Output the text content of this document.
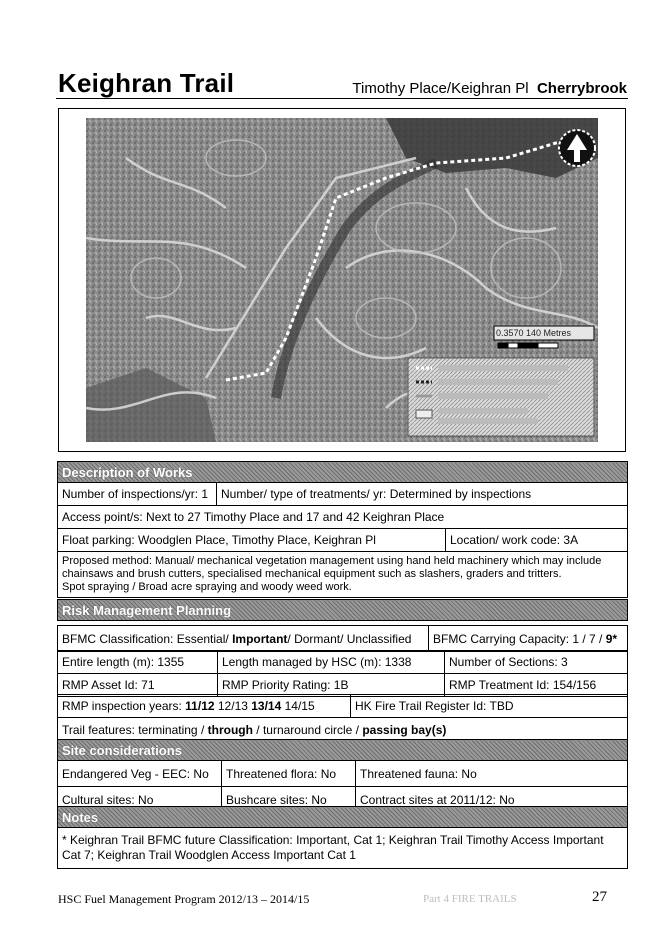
Keighran Trail	Timothy Place/Keighran Pl Cherrybrook
0.3570 140 Metres
Description of Works
Number of inspections/yr: 1	Number/ type of treatments/ yr: Determined by inspections
Access point/s: Next to 27 Timothy Place and 17 and 42 Keighran Place
Float parking: Woodglen Place, Timothy Place, Keighran Pl	Location/ work code: 3A

Proposed method: Manual/ mechanical vegetation management using hand held machinery which may include
chainsaws and brush cutters, specialised mechanical equipment such as slashers, graders and tritters.
Spot spraying / Broad acre spraying and woody weed work.
Risk Management Planning
BFMC Classification: Essential/ Important/ Dormant/ Unclassified	BFMC Carrying Capacity: 1 / 7 / 9*
Entire length (m): 1355	Length managed by HSC (m): 1338	Number of Sections: 3
RMP Asset Id: 71	RMP Priority Rating: 1B	RMP Treatment Id: 154/156
RMP inspection years: 11/12 12/13 13/14 14/15	HK Fire Trail Register Id: TBD
Trail features: terminating / through / turnaround circle / passing bay(s)
Site considerations		
Endangered Veg - EEC: No	Threatened flora: No	Threatened fauna: No
Cultural sites: No	Bushcare sites: No	Contract sites at 2011/12: No
Notes
* Keighran Trail BFMC future Classification: Important, Cat 1; Keighran Trail Timothy Access Important Cat 7; Keighran Trail Woodglen Access Important Cat 1
HSC Fuel Management Program 2012/13 – 2014/15	Part 4 FIRE TRAILS	27
